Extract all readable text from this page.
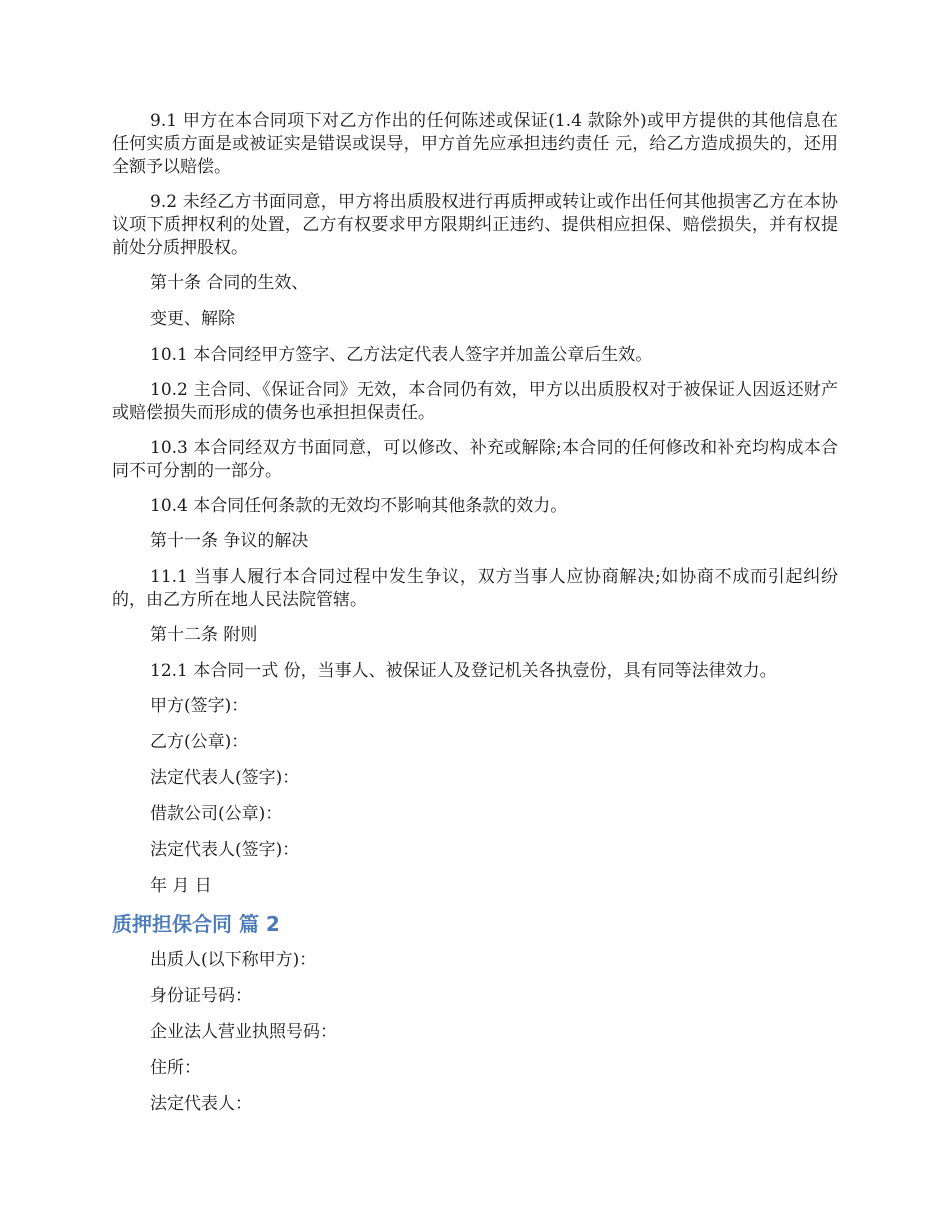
9.1 甲方在本合同项下对乙方作出的任何陈述或保证(1.4 款除外)或甲方提供的其他信息在任何实质方面是或被证实是错误或误导，甲方首先应承担违约责任 元，给乙方造成损失的，还用全额予以赔偿。

9.2 未经乙方书面同意，甲方将出质股权进行再质押或转让或作出任何其他损害乙方在本协议项下质押权利的处置，乙方有权要求甲方限期纠正违约、提供相应担保、赔偿损失，并有权提前处分质押股权。

第十条 合同的生效、

变更、解除

10.1 本合同经甲方签字、乙方法定代表人签字并加盖公章后生效。

10.2 主合同、《保证合同》无效，本合同仍有效，甲方以出质股权对于被保证人因返还财产或赔偿损失而形成的债务也承担担保责任。

10.3 本合同经双方书面同意，可以修改、补充或解除;本合同的任何修改和补充均构成本合同不可分割的一部分。

10.4 本合同任何条款的无效均不影响其他条款的效力。

第十一条 争议的解决

11.1 当事人履行本合同过程中发生争议，双方当事人应协商解决;如协商不成而引起纠纷的，由乙方所在地人民法院管辖。

第十二条 附则

12.1 本合同一式 份，当事人、被保证人及登记机关各执壹份，具有同等法律效力。

甲方(签字)：

乙方(公章)：

法定代表人(签字)：

借款公司(公章)：

法定代表人(签字)：

年 月 日

质押担保合同 篇 2

出质人(以下称甲方)：

身份证号码：

企业法人营业执照号码：

住所：

法定代表人：
